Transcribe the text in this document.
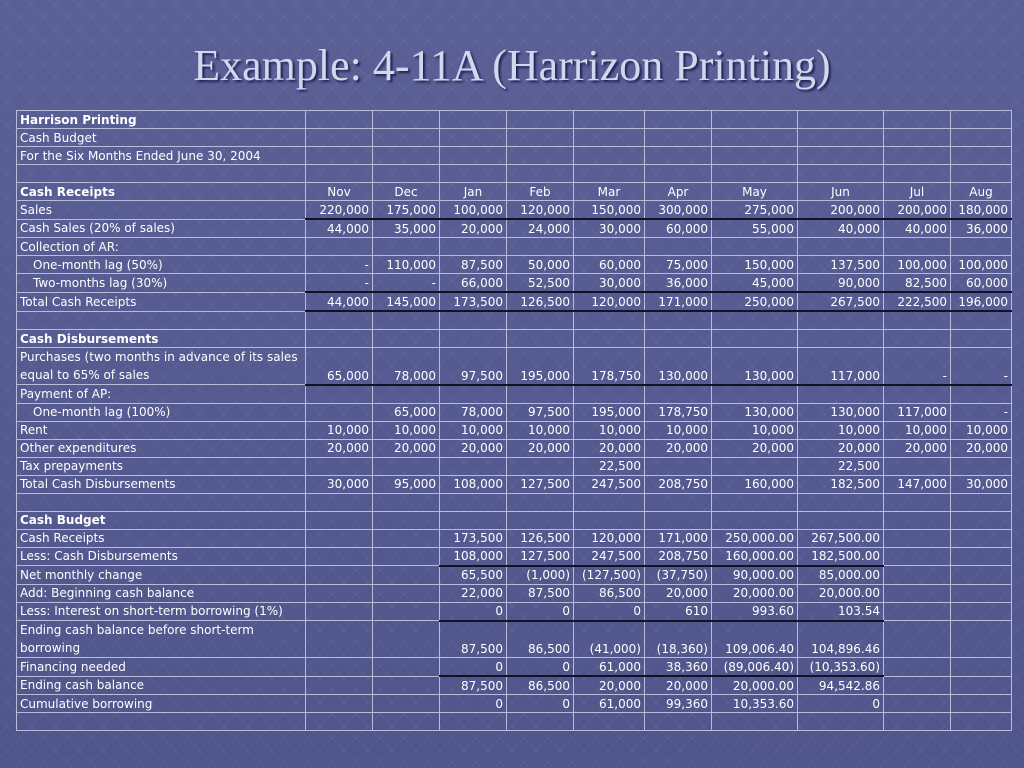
Example: 4-11A (Harrizon Printing)
Harrison Printing										
Cash Budget										
For the Six Months Ended June 30, 2004										

Cash Receipts	Nov	Dec	Jan	Feb	Mar	Apr	May	Jun	Jul	Aug
Sales	220,000	175,000	100,000	120,000	150,000	300,000	275,000	200,000	200,000	180,000
Cash Sales (20% of sales)	44,000	35,000	20,000	24,000	30,000	60,000	55,000	40,000	40,000	36,000
Collection of AR:										
One-month lag (50%)	-	110,000	87,500	50,000	60,000	75,000	150,000	137,500	100,000	100,000
Two-months lag (30%)	-	-	66,000	52,500	30,000	36,000	45,000	90,000	82,500	60,000
Total Cash Receipts	44,000	145,000	173,500	126,500	120,000	171,000	250,000	267,500	222,500	196,000

Cash Disbursements										
Purchases (two months in advance of its sales equal to 65% of sales	65,000	78,000	97,500	195,000	178,750	130,000	130,000	117,000	-	-
Payment of AP:										
One-month lag (100%)		65,000	78,000	97,500	195,000	178,750	130,000	130,000	117,000	-
Rent	10,000	10,000	10,000	10,000	10,000	10,000	10,000	10,000	10,000	10,000
Other expenditures	20,000	20,000	20,000	20,000	20,000	20,000	20,000	20,000	20,000	20,000
Tax prepayments					22,500			22,500		
Total Cash Disbursements	30,000	95,000	108,000	127,500	247,500	208,750	160,000	182,500	147,000	30,000

Cash Budget										
Cash Receipts			173,500	126,500	120,000	171,000	250,000.00	267,500.00		
Less: Cash Disbursements			108,000	127,500	247,500	208,750	160,000.00	182,500.00		
Net monthly change			65,500	(1,000)	(127,500)	(37,750)	90,000.00	85,000.00		
Add: Beginning cash balance			22,000	87,500	86,500	20,000	20,000.00	20,000.00		
Less: Interest on short-term borrowing (1%)			0	0	0	610	993.60	103.54		
Ending cash balance before short-term borrowing			87,500	86,500	(41,000)	(18,360)	109,006.40	104,896.46		
Financing needed			0	0	61,000	38,360	(89,006.40)	(10,353.60)		
Ending cash balance			87,500	86,500	20,000	20,000	20,000.00	94,542.86		
Cumulative borrowing			0	0	61,000	99,360	10,353.60	0		
